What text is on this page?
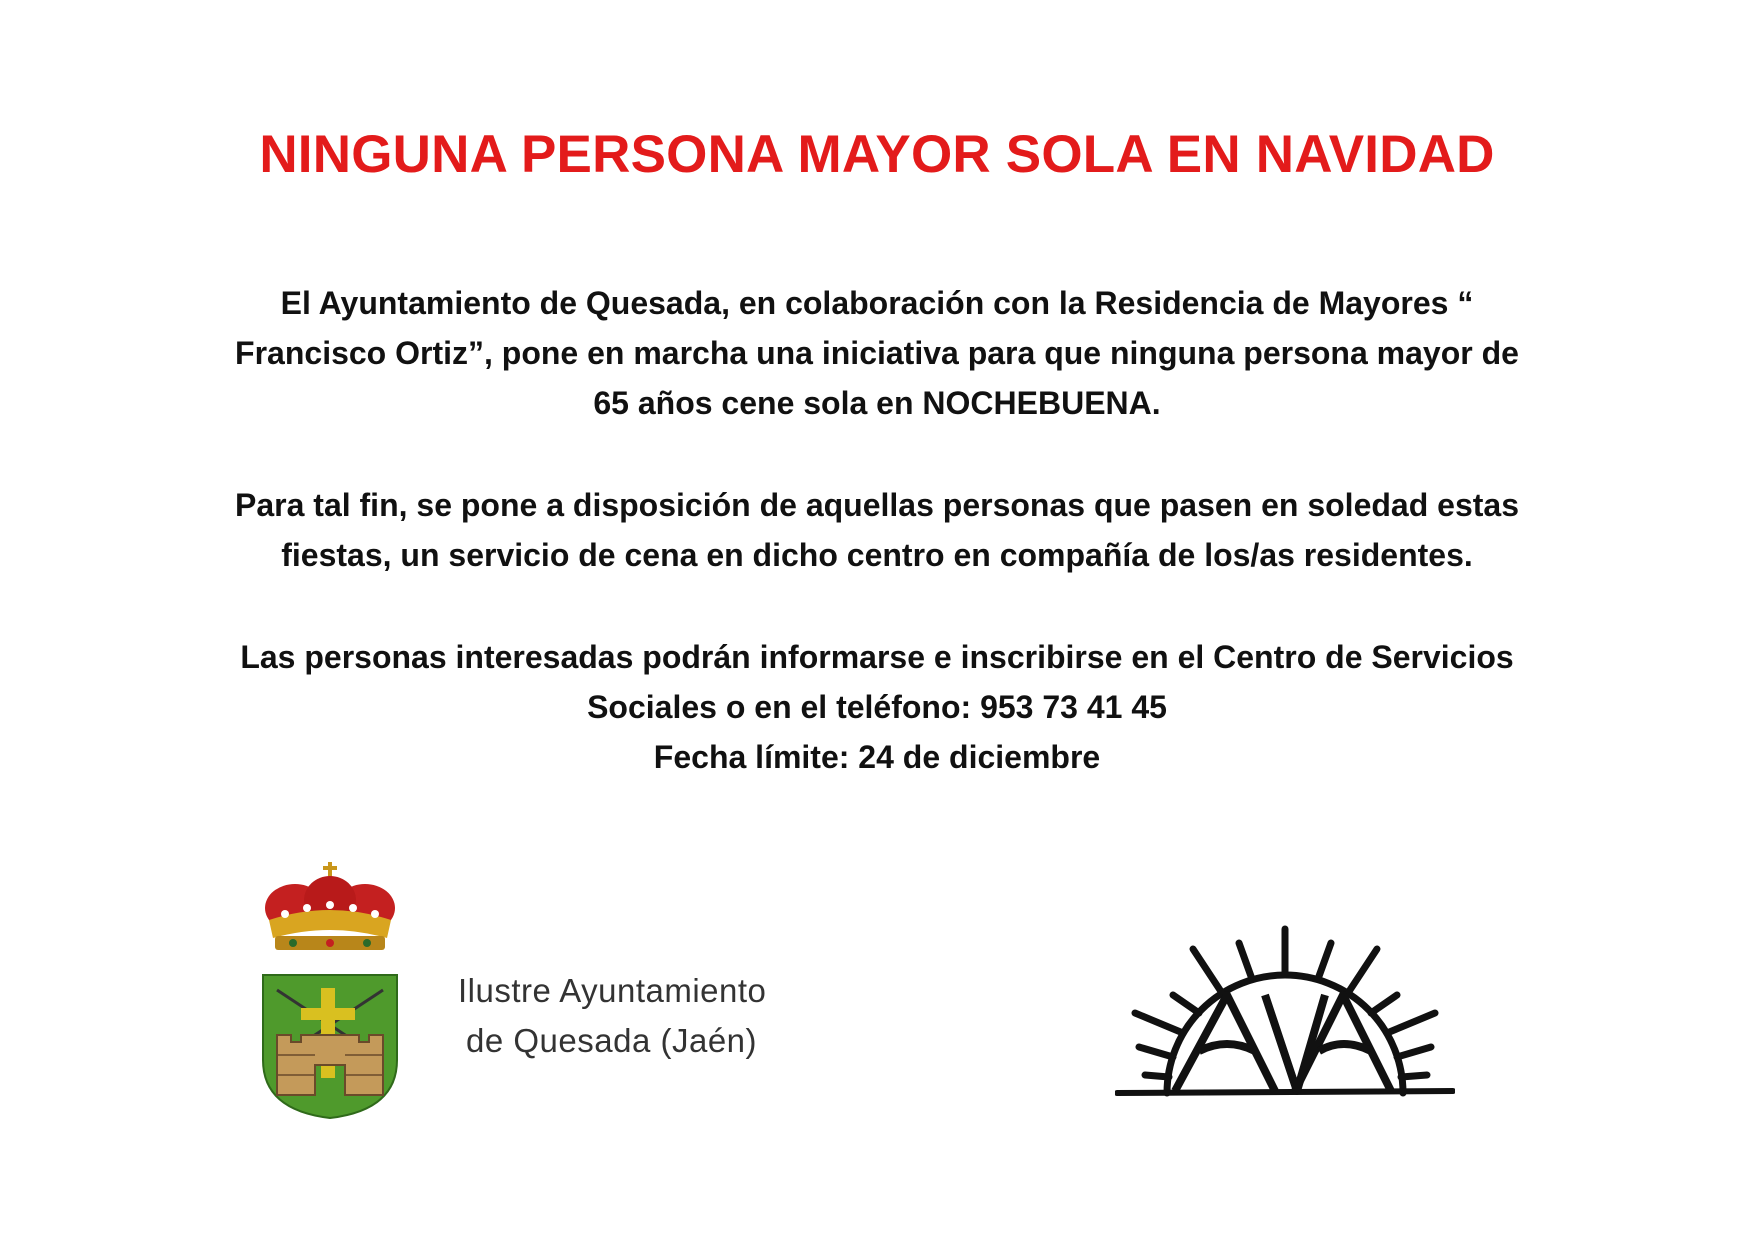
NINGUNA PERSONA MAYOR SOLA EN NAVIDAD
El Ayuntamiento de Quesada, en colaboración con la Residencia de Mayores “
Francisco Ortiz”, pone en marcha una iniciativa para que ninguna persona mayor de
65 años cene sola en NOCHEBUENA.
Para tal fin, se pone a disposición de aquellas personas que pasen en soledad estas
fiestas, un servicio de cena en dicho centro en compañía de los/as residentes.
Las personas interesadas podrán informarse e inscribirse en el Centro de Servicios
Sociales o en el teléfono: 953 73 41 45
Fecha límite: 24 de diciembre
Ilustre Ayuntamiento
de Quesada (Jaén)
